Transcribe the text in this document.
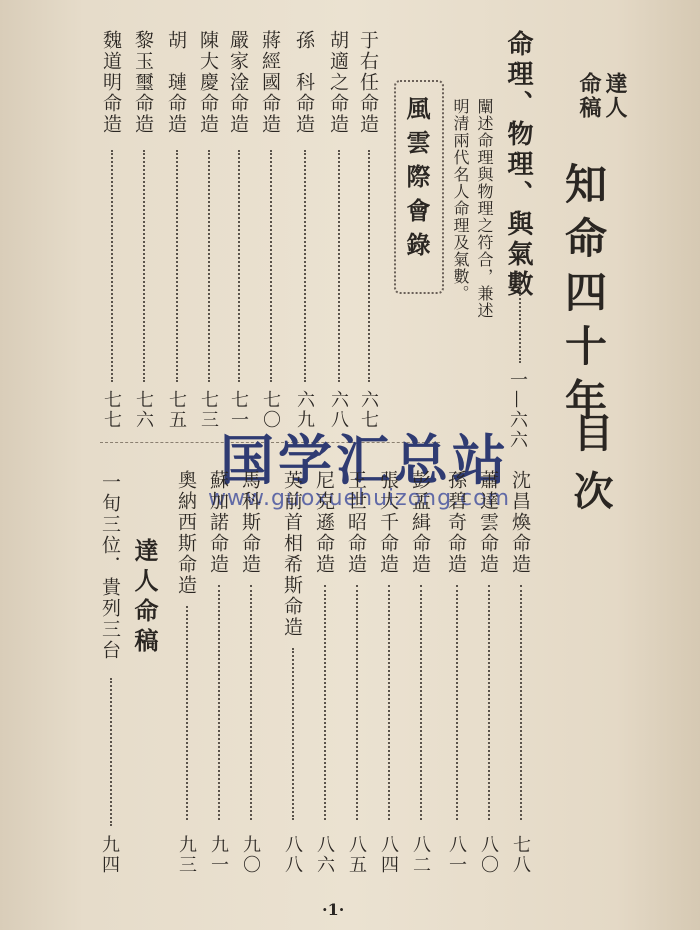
達人
命稿
知命四十年
目次
命理、物理、與氣數
一—六六
闡述命理與物理之符合，兼述
明清兩代名人命理及氣數。
風雲際會錄
達人命稿
一旬三位．貴列三台
九四
国学汇总站
www.guoxuehuizong.com
·1·
于右任命造
六七
胡適之命造
六八
孫　科命造
六九
蔣經國命造
七〇
嚴家淦命造
七一
陳大慶命造
七三
胡　璉命造
七五
黎玉璽命造
七六
魏道明命造
七七
沈昌煥命造
七八
蕭達雲命造
八〇
孫碧奇命造
八一
彭孟緝命造
八二
張大千命造
八四
王世昭命造
八五
尼克遜命造
八六
英前首相希斯命造
八八
馬科斯命造
九〇
蘇加諾命造
九一
奧納西斯命造
九三
